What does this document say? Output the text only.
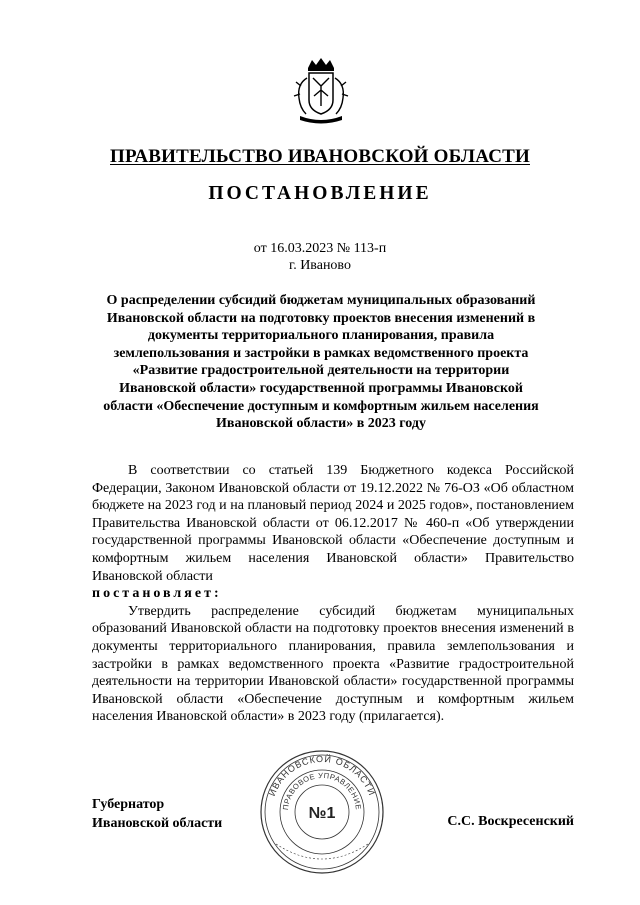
ПРАВИТЕЛЬСТВО ИВАНОВСКОЙ ОБЛАСТИ
ПОСТАНОВЛЕНИЕ
от 16.03.2023 № 113-п
г. Иваново
О распределении субсидий бюджетам муниципальных образований Ивановской области на подготовку проектов внесения изменений в документы территориального планирования, правила землепользования и застройки в рамках ведомственного проекта «Развитие градостроительной деятельности на территории Ивановской области» государственной программы Ивановской области «Обеспечение доступным и комфортным жильем населения Ивановской области» в 2023 году

В соответствии со статьей 139 Бюджетного кодекса Российской Федерации, Законом Ивановской области от 19.12.2022 № 76-ОЗ «Об областном бюджете на 2023 год и на плановый период 2024 и 2025 годов», постановлением Правительства Ивановской области от 06.12.2017 № 460-п «Об утверждении государственной программы Ивановской области «Обеспечение доступным и комфортным жильем населения Ивановской области» Правительство Ивановской области

постановляет:

Утвердить распределение субсидий бюджетам муниципальных образований Ивановской области на подготовку проектов внесения изменений в документы территориального планирования, правила землепользования и застройки в рамках ведомственного проекта «Развитие градостроительной деятельности на территории Ивановской области» государственной программы Ивановской области «Обеспечение доступным и комфортным жильем населения Ивановской области» в 2023 году (прилагается).

Губернатор
Ивановской области
ИВАНОВСКОЙ ОБЛАСТИ
ПРАВОВОЕ УПРАВЛЕНИЕ
№1	С.С. Воскресенский
